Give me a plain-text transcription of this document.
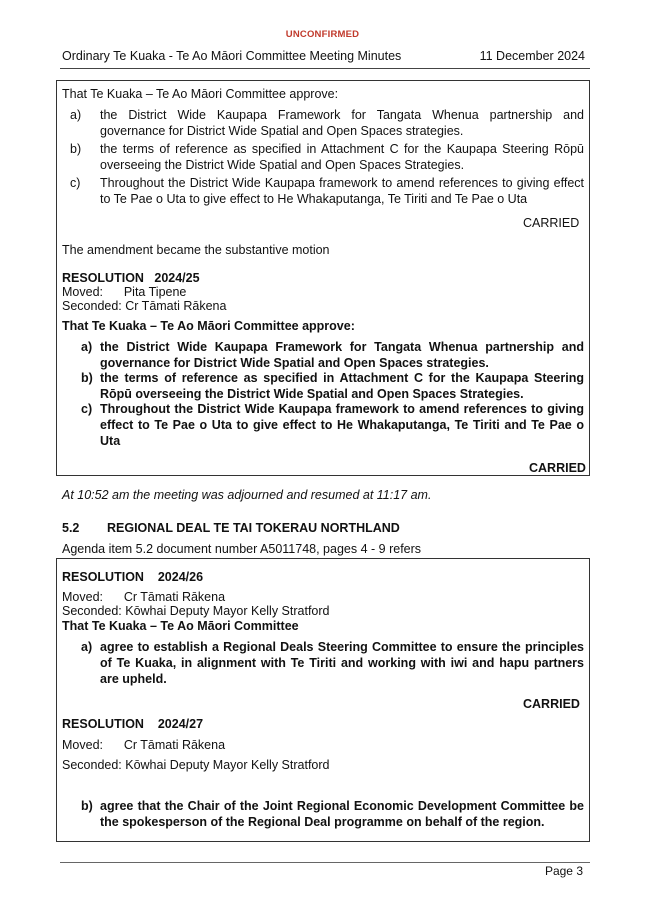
UNCONFIRMED
Ordinary Te Kuaka - Te Ao Māori Committee Meeting Minutes	11 December 2024
That Te Kuaka – Te Ao Māori Committee approve:
a) the District Wide Kaupapa Framework for Tangata Whenua partnership and governance for District Wide Spatial and Open Spaces strategies.
b) the terms of reference as specified in Attachment C for the Kaupapa Steering Rōpū overseeing the District Wide Spatial and Open Spaces Strategies.
c) Throughout the District Wide Kaupapa framework to amend references to giving effect to Te Pae o Uta to give effect to He Whakaputanga, Te Tiriti and Te Pae o Uta
CARRIED
The amendment became the substantive motion
RESOLUTION   2024/25
Moved:      Pita Tipene
Seconded: Cr Tāmati Rākena
That Te Kuaka – Te Ao Māori Committee approve:
a) the District Wide Kaupapa Framework for Tangata Whenua partnership and governance for District Wide Spatial and Open Spaces strategies.
b) the terms of reference as specified in Attachment C for the Kaupapa Steering Rōpū overseeing the District Wide Spatial and Open Spaces Strategies.
c) Throughout the District Wide Kaupapa framework to amend references to giving effect to Te Pae o Uta to give effect to He Whakaputanga, Te Tiriti and Te Pae o Uta
CARRIED
At 10:52 am the meeting was adjourned and resumed at 11:17 am.
5.2 REGIONAL DEAL TE TAI TOKERAU NORTHLAND
Agenda item 5.2 document number A5011748, pages 4 - 9 refers
RESOLUTION    2024/26
Moved:      Cr Tāmati Rākena
Seconded: Kōwhai Deputy Mayor Kelly Stratford
That Te Kuaka – Te Ao Māori Committee
a) agree to establish a Regional Deals Steering Committee to ensure the principles of Te Kuaka, in alignment with Te Tiriti and working with iwi and hapu partners are upheld.
CARRIED
RESOLUTION    2024/27
Moved:      Cr Tāmati Rākena
Seconded: Kōwhai Deputy Mayor Kelly Stratford
b) agree that the Chair of the Joint Regional Economic Development Committee be the spokesperson of the Regional Deal programme on behalf of the region.
Page 3
